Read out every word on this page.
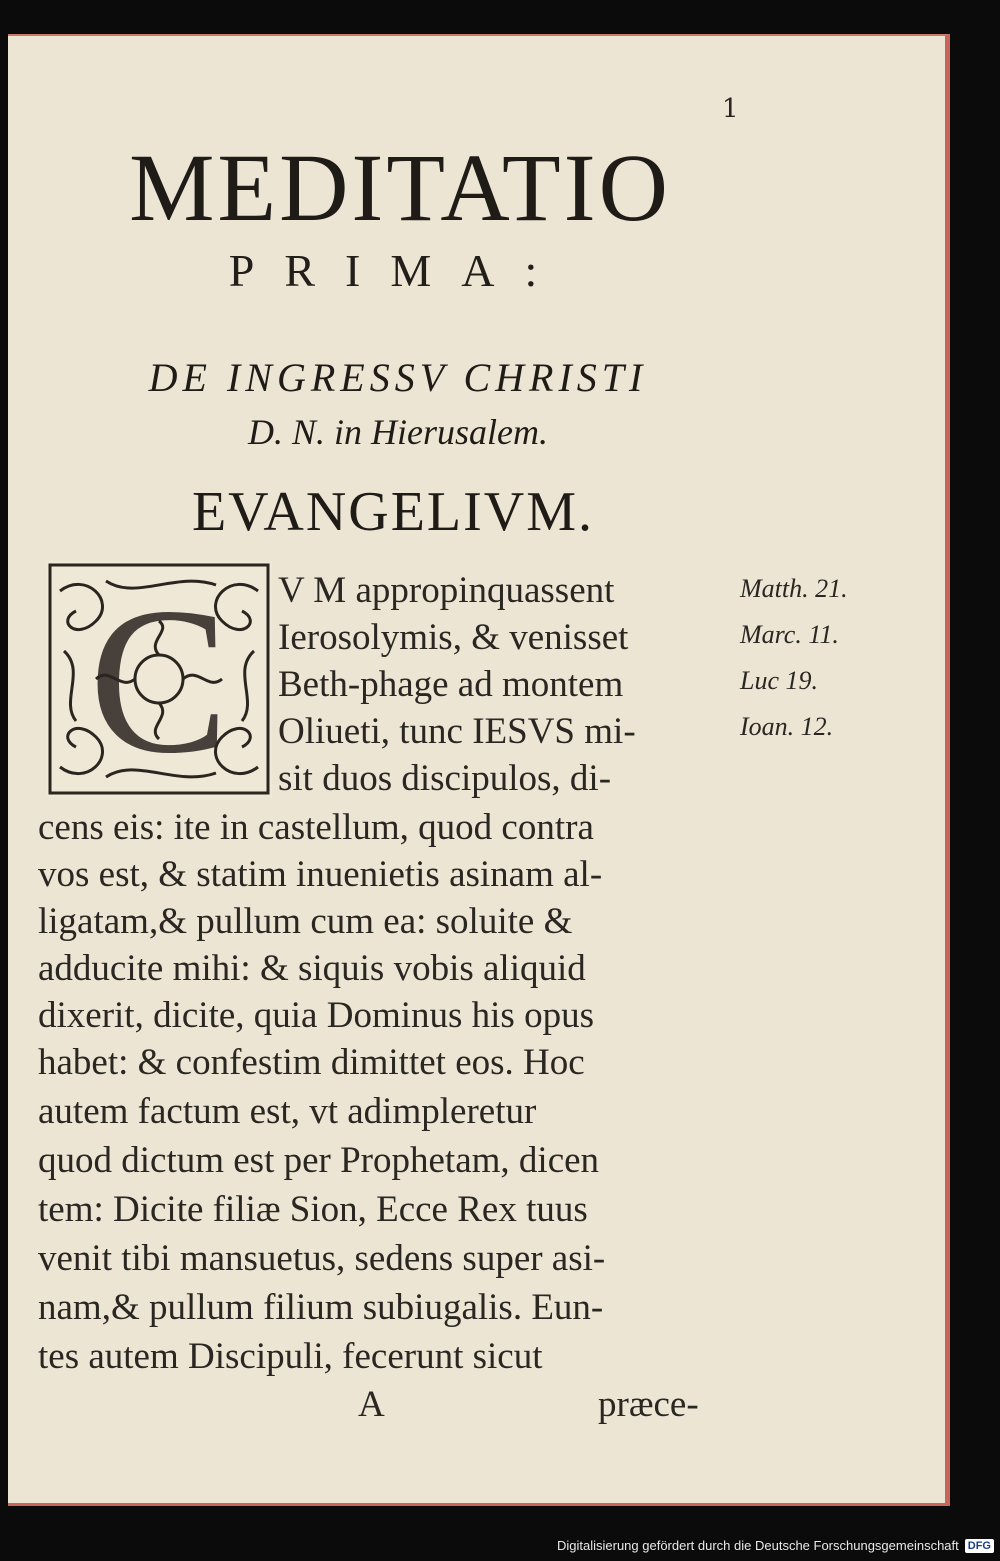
1
MEDITATIO
PRIMA:
DE INGRESSV CHRISTI
D. N. in Hierusalem.
EVANGELIVM.
C V M appropinquassent
Ierosolymis, & venisset
Beth-phage ad montem
Oliueti, tunc IESVS mi-
sit duos discipulos, di-
cens eis: ite in castellum, quod contra
vos est, & statim inuenietis asinam al-
ligatam,& pullum cum ea: soluite &
adducite mihi: & siquis vobis aliquid
dixerit, dicite, quia Dominus his opus
habet: & confestim dimittet eos. Hoc
autem factum est, vt adimpleretur
quod dictum est per Prophetam, dicen
tem: Dicite filiæ Sion, Ecce Rex tuus
venit tibi mansuetus, sedens super asi-
nam,& pullum filium subiugalis. Eun-
tes autem Discipuli, fecerunt sicut
A	præce-
Matth. 21.
Marc. 11.
Luc 19.
Ioan. 12.
Digitalisierung gefördert durch die Deutsche Forschungsgemeinschaft DFG
